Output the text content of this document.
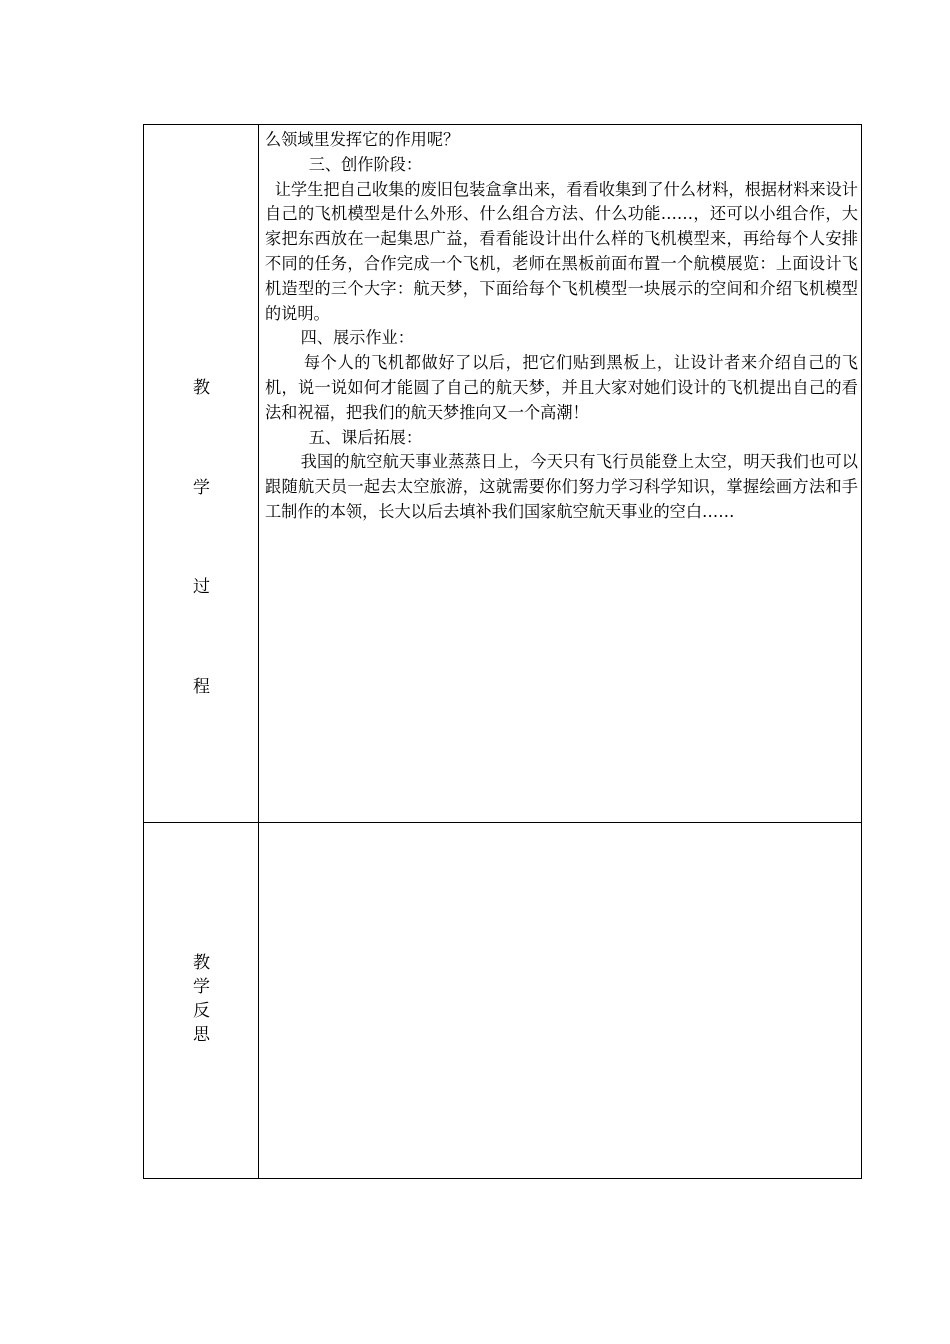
教
学
过
程

么领域里发挥它的作用呢？

三、创作阶段：

让学生把自己收集的废旧包装盒拿出来，看看收集到了什么材料，根据材料来设计自己的飞机模型是什么外形、什么组合方法、什么功能……，还可以小组合作，大家把东西放在一起集思广益，看看能设计出什么样的飞机模型来，再给每个人安排不同的任务，合作完成一个飞机，老师在黑板前面布置一个航模展览：上面设计飞机造型的三个大字：航天梦，下面给每个飞机模型一块展示的空间和介绍飞机模型的说明。

四、展示作业：

每个人的飞机都做好了以后，把它们贴到黑板上，让设计者来介绍自己的飞机，说一说如何才能圆了自己的航天梦，并且大家对她们设计的飞机提出自己的看法和祝福，把我们的航天梦推向又一个高潮！

五、课后拓展：

我国的航空航天事业蒸蒸日上，今天只有飞行员能登上太空，明天我们也可以跟随航天员一起去太空旅游，这就需要你们努力学习科学知识，掌握绘画方法和手工制作的本领，长大以后去填补我们国家航空航天事业的空白……

教
学
反
思
